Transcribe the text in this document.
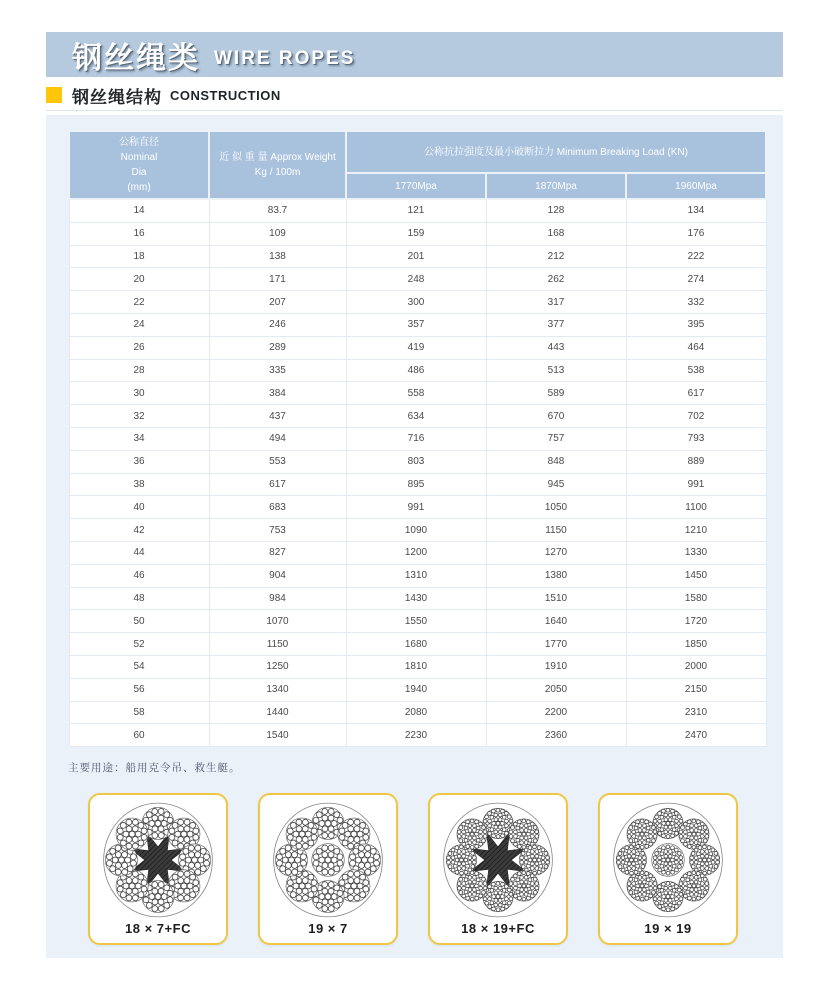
钢丝绳类 WIRE ROPES
钢丝绳结构 CONSTRUCTION
公称直径
Nominal
Dia
(mm)	近 似 重 量 Approx Weight
Kg / 100m	公称抗拉强度及最小破断拉力 Minimum Breaking Load (KN)		
		1770Mpa	1870Mpa	1960Mpa
14	83.7	121	128	134
16	109	159	168	176
18	138	201	212	222
20	171	248	262	274
22	207	300	317	332
24	246	357	377	395
26	289	419	443	464
28	335	486	513	538
30	384	558	589	617
32	437	634	670	702
34	494	716	757	793
36	553	803	848	889
38	617	895	945	991
40	683	991	1050	1100
42	753	1090	1150	1210
44	827	1200	1270	1330
46	904	1310	1380	1450
48	984	1430	1510	1580
50	1070	1550	1640	1720
52	1150	1680	1770	1850
54	1250	1810	1910	2000
56	1340	1940	2050	2150
58	1440	2080	2200	2310
60	1540	2230	2360	2470
主要用途：船用克令吊、救生艇。
18 × 7+FC	19 × 7	18 × 19+FC	19 × 19
